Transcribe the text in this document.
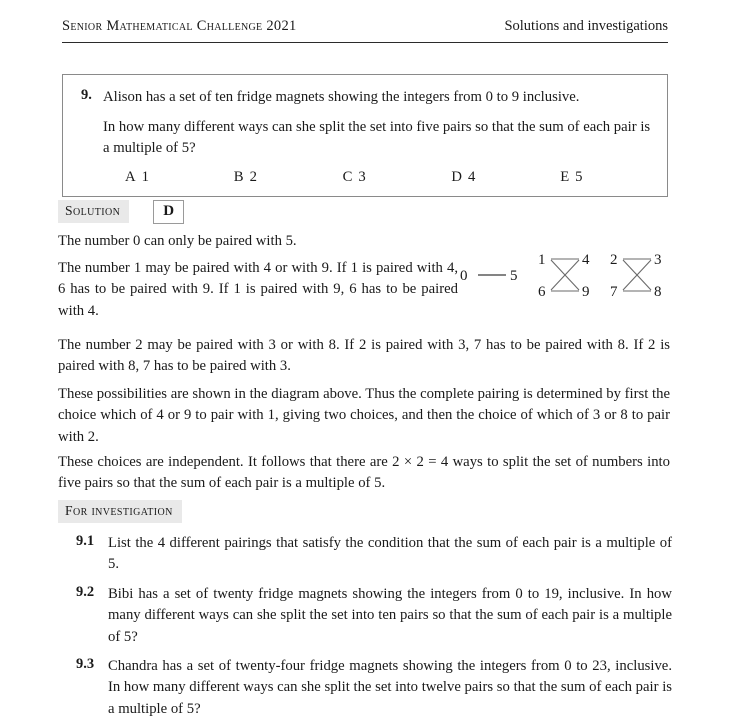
Senior Mathematical Challenge 2021	Solutions and investigations
9. Alison has a set of ten fridge magnets showing the integers from 0 to 9 inclusive.
In how many different ways can she split the set into five pairs so that the sum of each pair is a multiple of 5?
A 1	B 2	C 3	D 4	E 5
Solution	D
The number 0 can only be paired with 5.
The number 1 may be paired with 4 or with 9. If 1 is paired with 4, 6 has to be paired with 9. If 1 is paired with 9, 6 has to be paired with 4.
0	5
1 4
6 9
2 3
7 8
The number 2 may be paired with 3 or with 8. If 2 is paired with 3, 7 has to be paired with 8. If 2 is paired with 8, 7 has to be paired with 3.
These possibilities are shown in the diagram above. Thus the complete pairing is determined by first the choice which of 4 or 9 to pair with 1, giving two choices, and then the choice of which of 3 or 8 to pair with 2.
These choices are independent. It follows that there are 2 × 2 = 4 ways to split the set of numbers into five pairs so that the sum of each pair is a multiple of 5.
For investigation
9.1 List the 4 different pairings that satisfy the condition that the sum of each pair is a multiple of 5.
9.2 Bibi has a set of twenty fridge magnets showing the integers from 0 to 19, inclusive. In how many different ways can she split the set into ten pairs so that the sum of each pair is a multiple of 5?
9.3 Chandra has a set of twenty-four fridge magnets showing the integers from 0 to 23, inclusive. In how many different ways can she split the set into twelve pairs so that the sum of each pair is a multiple of 5?
